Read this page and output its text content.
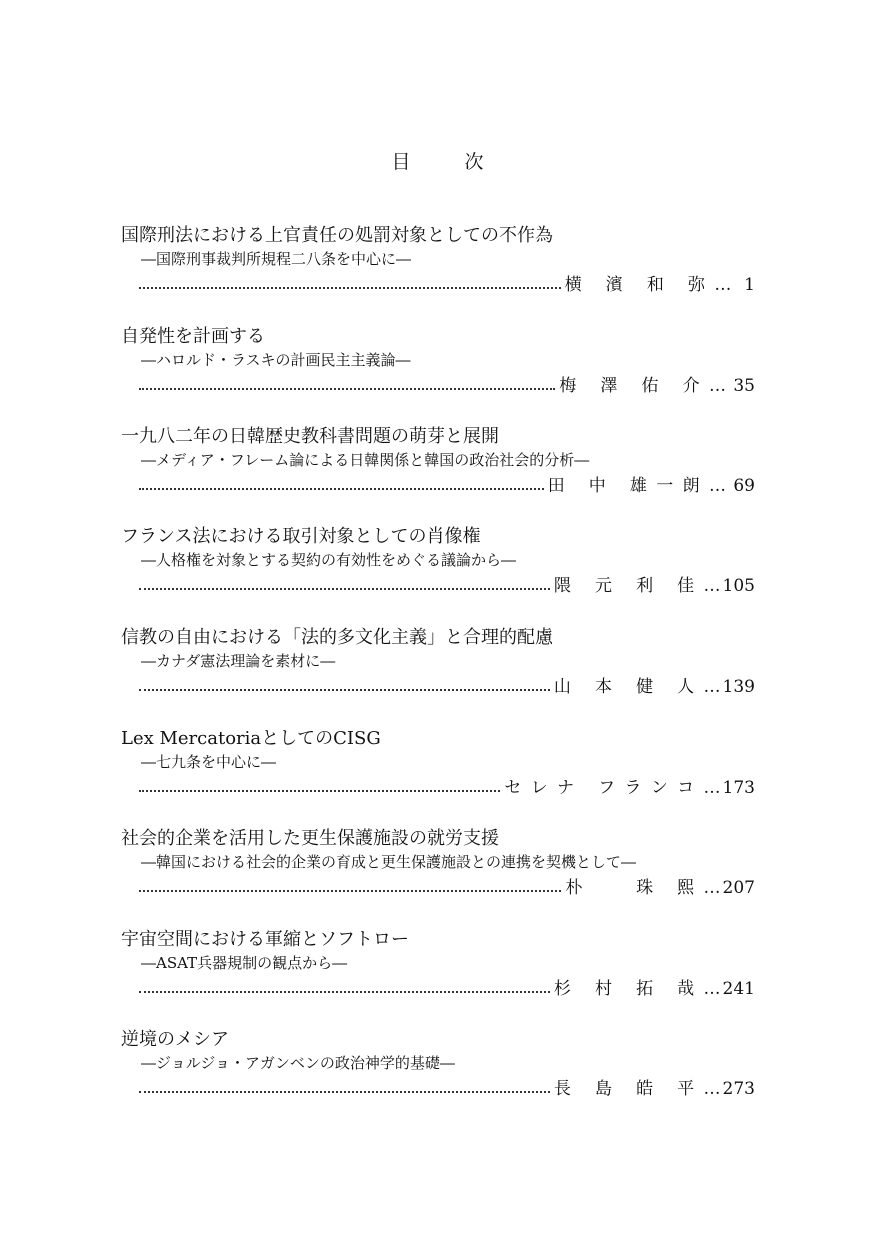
目	次
国際刑法における上官責任の処罰対象としての不作為
―国際刑事裁判所規程二八条を中心に―
横 濱 和 弥	…   1
自発性を計画する
―ハロルド・ラスキの計画民主主義論―
梅 澤 佑 介	…  35
一九八二年の日韓歴史教科書問題の萌芽と展開
―メディア・フレーム論による日韓関係と韓国の政治社会的分析―
田 中 雄一朗	…  69
フランス法における取引対象としての肖像権
―人格権を対象とする契約の有効性をめぐる議論から―
隈 元 利 佳	… 105
信教の自由における「法的多文化主義」と合理的配慮
―カナダ憲法理論を素材に―
山 本 健 人	… 139
Lex MercatoriaとしてのCISG
―七九条を中心に―
セレナ フランコ	… 173
社会的企業を活用した更生保護施設の就労支援
―韓国における社会的企業の育成と更生保護施設との連携を契機として―
朴   珠 熙	… 207
宇宙空間における軍縮とソフトロー
―ASAT兵器規制の観点から―
杉 村 拓 哉	… 241
逆境のメシア
―ジョルジョ・アガンベンの政治神学的基礎―
長 島 皓 平	… 273
